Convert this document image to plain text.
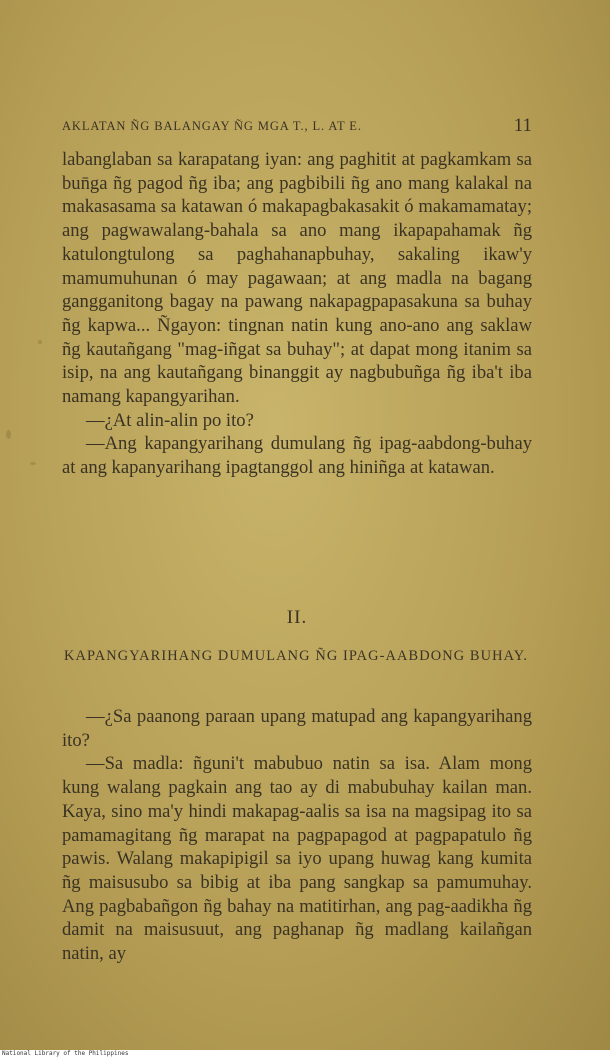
AKLATAN ÑG BALANGAY ÑG MGA T., L. AT E.	11

labanglaban sa karapatang iyan: ang paghitit at pagkamkam sa bun̄ga ñg pagod ñg iba; ang pagbibili ñg ano mang kalakal na makasasama sa katawan ó makapagbakasakit ó makamamatay; ang pagwawalang-bahala sa ano mang ikapapahamak ñg katulongtulong sa paghahanapbuhay, sakaling ikaw'y mamumuhunan ó may pagawaan; at ang madla na bagang gangganitong bagay na pawang nakapagpapasakuna sa buhay ñg kapwa... Ñgayon: tingnan natin kung ano-ano ang saklaw ñg kautañgang "mag-iñgat sa buhay"; at dapat mong itanim sa isip, na ang kautañgang binanggit ay nagbubuñga ñg iba't iba namang kapangyarihan.

—¿At alin-alin po ito?

—Ang kapangyarihang dumulang ñg ipag-aabdong-buhay at ang kapanyarihang ipagtanggol ang hiniñga at katawan.

II.
KAPANGYARIHANG DUMULANG ÑG IPAG-AABDONG BUHAY.

—¿Sa paanong paraan upang matupad ang kapangyarihang ito?

—Sa madla: ñguni't mabubuo natin sa isa. Alam mong kung walang pagkain ang tao ay di mabubuhay kailan man. Kaya, sino ma'y hindi makapag-aalis sa isa na magsipag ito sa pamamagitang ñg marapat na pagpapagod at pagpapatulo ñg pawis. Walang makapipigil sa iyo upang huwag kang kumita ñg maisusubo sa bibig at iba pang sangkap sa pamumuhay. Ang pagbabañgon ñg bahay na matitirhan, ang pag-aadikha ñg damit na maisusuut, ang paghanap ñg madlang kailañgan natin, ay

National Library of the Philippines
